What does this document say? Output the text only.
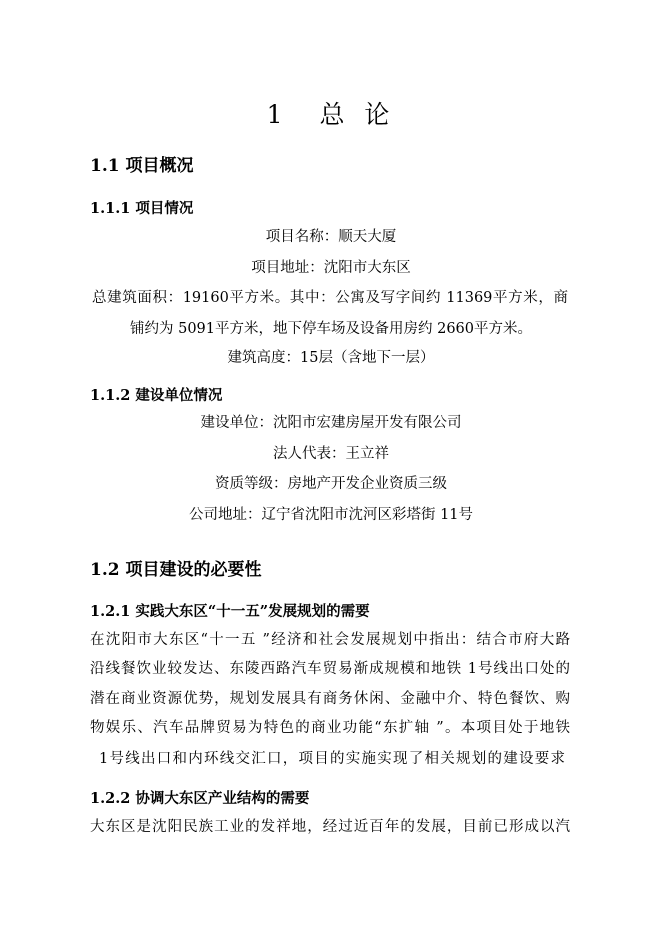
1　总 论
1.1 项目概况
1.1.1 项目情况
项目名称：顺天大厦
项目地址：沈阳市大东区
总建筑面积：19160平方米。其中：公寓及写字间约 11369平方米，商
铺约为 5091平方米，地下停车场及设备用房约 2660平方米。
建筑高度：15层（含地下一层）
1.1.2 建设单位情况
建设单位：沈阳市宏建房屋开发有限公司
法人代表：王立祥
资质等级：房地产开发企业资质三级
公司地址：辽宁省沈阳市沈河区彩塔街 11号
1.2 项目建设的必要性
1.2.1 实践大东区“十一五”发展规划的需要
在沈阳市大东区“十一五 ”经济和社会发展规划中指出：结合市府大路
沿线餐饮业较发达、东陵西路汽车贸易渐成规模和地铁 1号线出口处的
潜在商业资源优势，规划发展具有商务休闲、金融中介、特色餐饮、购
物娱乐、汽车品牌贸易为特色的商业功能“东扩轴 ”。本项目处于地铁
1号线出口和内环线交汇口，项目的实施实现了相关规划的建设要求
1.2.2 协调大东区产业结构的需要
大东区是沈阳民族工业的发祥地，经过近百年的发展，目前已形成以汽
